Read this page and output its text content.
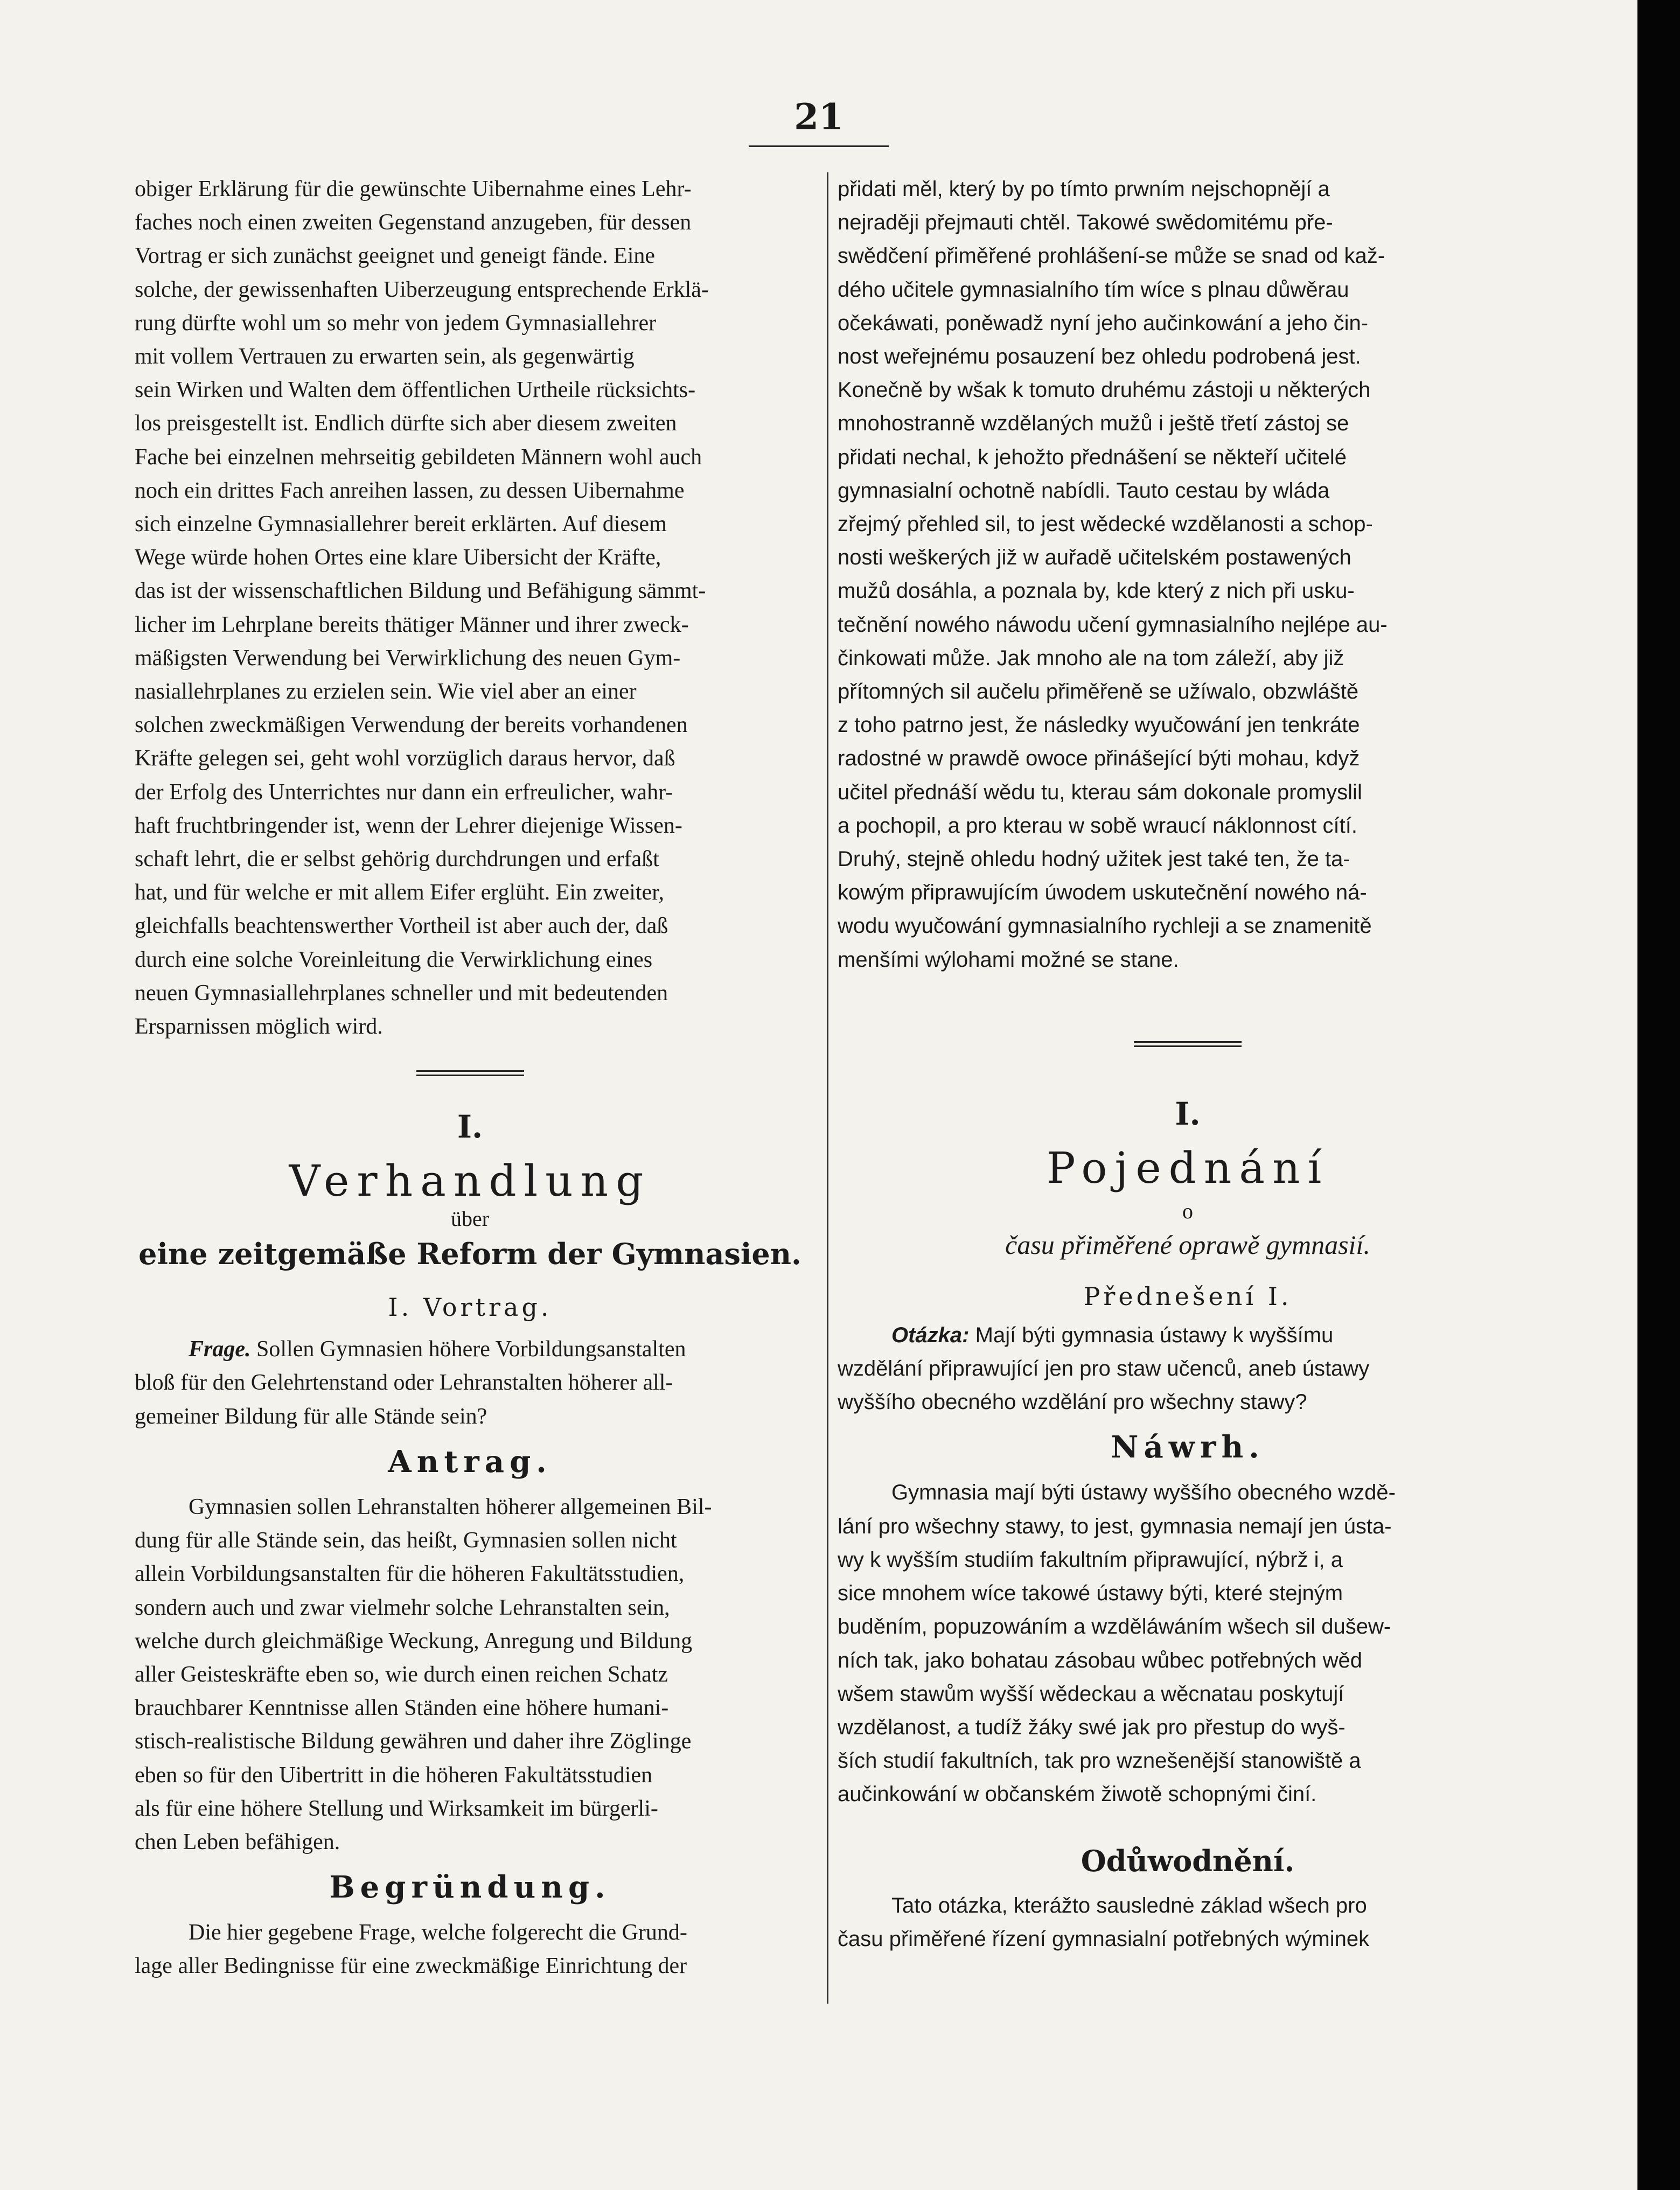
21
obiger Erklärung für die gewünschte Uibernahme eines Lehr-
faches noch einen zweiten Gegenstand anzugeben, für dessen
Vortrag er sich zunächst geeignet und geneigt fände. Eine
solche, der gewissenhaften Uiberzeugung entsprechende Erklä-
rung dürfte wohl um so mehr von jedem Gymnasiallehrer
mit vollem Vertrauen zu erwarten sein, als gegenwärtig
sein Wirken und Walten dem öffentlichen Urtheile rücksichts-
los preisgestellt ist. Endlich dürfte sich aber diesem zweiten
Fache bei einzelnen mehrseitig gebildeten Männern wohl auch
noch ein drittes Fach anreihen lassen, zu dessen Uibernahme
sich einzelne Gymnasiallehrer bereit erklärten. Auf diesem
Wege würde hohen Ortes eine klare Uibersicht der Kräfte,
das ist der wissenschaftlichen Bildung und Befähigung sämmt-
licher im Lehrplane bereits thätiger Männer und ihrer zweck-
mäßigsten Verwendung bei Verwirklichung des neuen Gym-
nasiallehrplanes zu erzielen sein. Wie viel aber an einer
solchen zweckmäßigen Verwendung der bereits vorhandenen
Kräfte gelegen sei, geht wohl vorzüglich daraus hervor, daß
der Erfolg des Unterrichtes nur dann ein erfreulicher, wahr-
haft fruchtbringender ist, wenn der Lehrer diejenige Wissen-
schaft lehrt, die er selbst gehörig durchdrungen und erfaßt
hat, und für welche er mit allem Eifer erglüht. Ein zweiter,
gleichfalls beachtenswerther Vortheil ist aber auch der, daß
durch eine solche Voreinleitung die Verwirklichung eines
neuen Gymnasiallehrplanes schneller und mit bedeutenden
Ersparnissen möglich wird.

I.

Verhandlung

über

eine zeitgemäße Reform der Gymnasien.

I. Vortrag.

Frage. Sollen Gymnasien höhere Vorbildungsanstalten
bloß für den Gelehrtenstand oder Lehranstalten höherer all-
gemeiner Bildung für alle Stände sein?

Antrag.

Gymnasien sollen Lehranstalten höherer allgemeinen Bil-
dung für alle Stände sein, das heißt, Gymnasien sollen nicht
allein Vorbildungsanstalten für die höheren Fakultätsstudien,
sondern auch und zwar vielmehr solche Lehranstalten sein,
welche durch gleichmäßige Weckung, Anregung und Bildung
aller Geisteskräfte eben so, wie durch einen reichen Schatz
brauchbarer Kenntnisse allen Ständen eine höhere humani-
stisch-realistische Bildung gewähren und daher ihre Zöglinge
eben so für den Uibertritt in die höheren Fakultätsstudien
als für eine höhere Stellung und Wirksamkeit im bürgerli-
chen Leben befähigen.

Begründung.

Die hier gegebene Frage, welche folgerecht die Grund-
lage aller Bedingnisse für eine zweckmäßige Einrichtung der
přidati měl, který by po tímto prwním nejschopnějí a
nejraději přejmauti chtěl. Takowé swědomitému pře-
swědčení přiměřené prohlášení-se může se snad od kaž-
dého učitele gymnasialního tím wíce s plnau důwěrau
očekáwati, poněwadž nyní jeho aučinkowání a jeho čin-
nost weřejnému posauzení bez ohledu podrobená jest.
Konečně by wšak k tomuto druhému zástoji u některých
mnohostranně wzdělaných mužů i ještě třetí zástoj se
přidati nechal, k jehožto přednášení se někteří učitelé
gymnasialní ochotně nabídli. Tauto cestau by wláda
zřejmý přehled sil, to jest wědecké wzdělanosti a schop-
nosti weškerých již w auřadě učitelském postawených
mužů dosáhla, a poznala by, kde který z nich při usku-
tečnění nowého náwodu učení gymnasialního nejlépe au-
činkowati může. Jak mnoho ale na tom záleží, aby již
přítomných sil aučelu přiměřeně se užíwalo, obzwláště
z toho patrno jest, že následky wyučowání jen tenkráte
radostné w prawdě owoce přinášející býti mohau, když
učitel přednáší wědu tu, kterau sám dokonale promyslil
a pochopil, a pro kterau w sobě wraucí náklonnost cítí.
Druhý, stejně ohledu hodný užitek jest také ten, že ta-
kowým připrawujícím úwodem uskutečnění nowého ná-
wodu wyučowání gymnasialního rychleji a se znamenitě
menšími wýlohami možné se stane.

I.

Pojednání

o

času přiměřené oprawě gymnasií.

Přednešení I.

Otázka: Mají býti gymnasia ústawy k wyššímu
wzdělání připrawující jen pro staw učenců, aneb ústawy
wyššího obecného wzdělání pro wšechny stawy?

Náwrh.

Gymnasia mají býti ústawy wyššího obecného wzdě-
lání pro wšechny stawy, to jest, gymnasia nemají jen ústa-
wy k wyšším studiím fakultním připrawující, nýbrž i, a
sice mnohem wíce takowé ústawy býti, které stejným
buděním, popuzowáním a wzděláwáním wšech sil dušew-
ních tak, jako bohatau zásobau wůbec potřebných wěd
wšem stawům wyšší wědeckau a wěcnatau poskytují
wzdělanost, a tudíž žáky swé jak pro přestup do wyš-
ších studií fakultních, tak pro wznešenější stanowiště a
aučinkowání w občanském žiwotě schopnými činí.

Odůwodnění.

Tato otázka, kterážto sauslednė základ wšech pro
času přiměřené řízení gymnasialní potřebných wýminek
